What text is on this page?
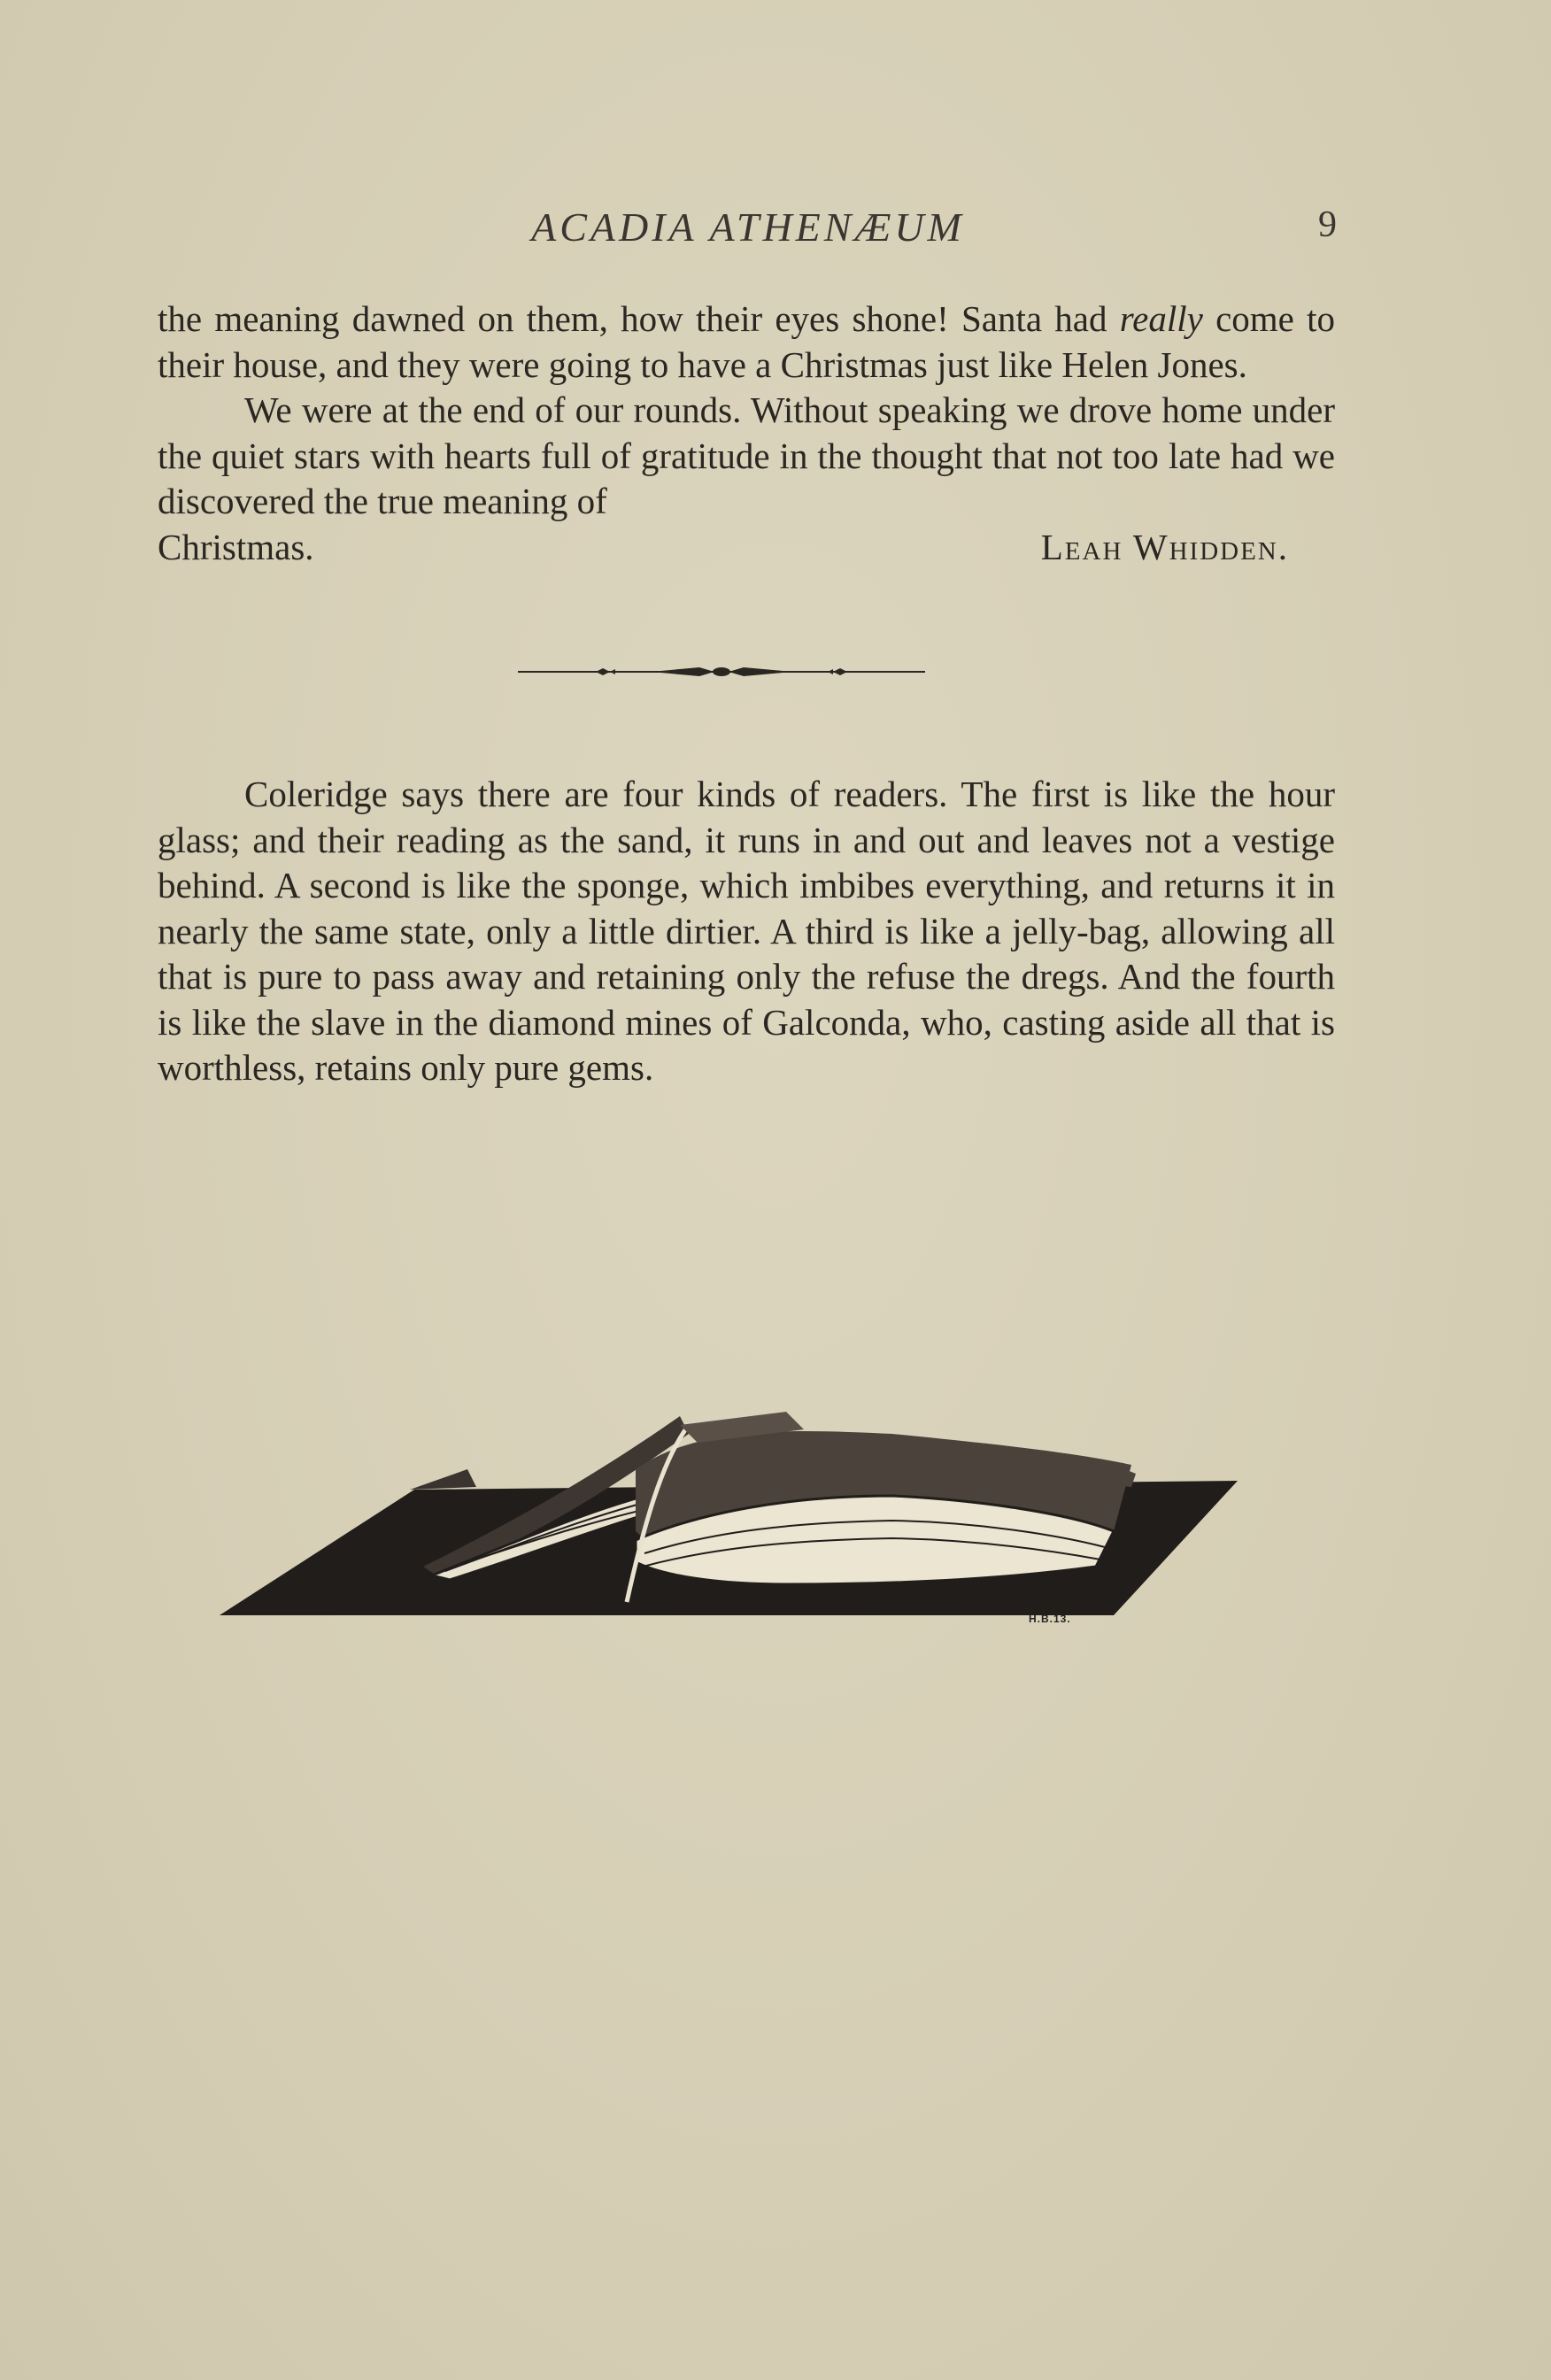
ACADIA ATHENÆUM	9

the meaning dawned on them, how their eyes shone! Santa had really come to their house, and they were going to have a Christmas just like Helen Jones.

We were at the end of our rounds. Without speaking we drove home under the quiet stars with hearts full of gratitude in the thought that not too late had we discovered the true meaning of

Christmas.	Leah Whidden.

Coleridge says there are four kinds of readers. The first is like the hour glass; and their reading as the sand, it runs in and out and leaves not a vestige behind. A second is like the sponge, which imbibes everything, and returns it in nearly the same state, only a little dirtier. A third is like a jelly-bag, allowing all that is pure to pass away and retaining only the refuse the dregs. And the fourth is like the slave in the diamond mines of Galconda, who, casting aside all that is worthless, retains only pure gems.

H.B.13.
